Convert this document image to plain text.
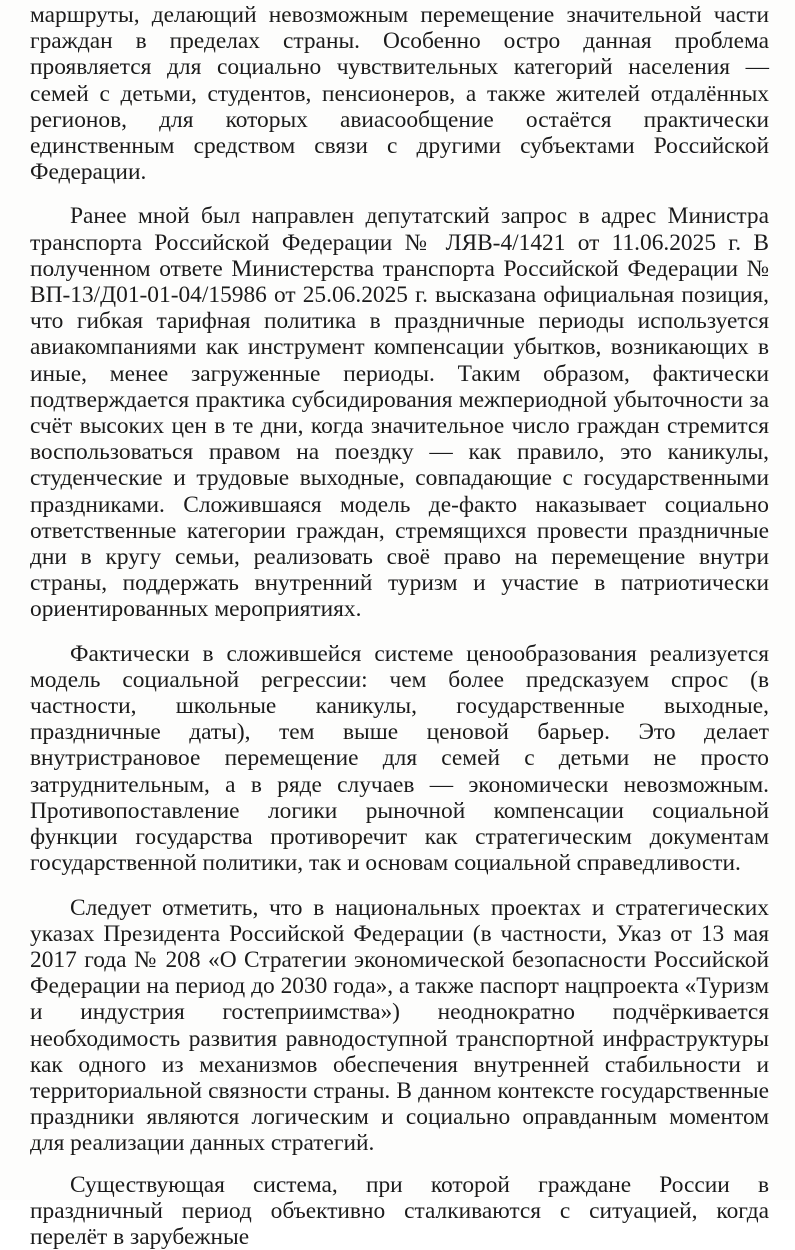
маршруты, делающий невозможным перемещение значительной части граждан в пределах страны. Особенно остро данная проблема проявляется для социально чувствительных категорий населения — семей с детьми, студентов, пенсионеров, а также жителей отдалённых регионов, для которых авиасообщение остаётся практически единственным средством связи с другими субъектами Российской Федерации.

Ранее мной был направлен депутатский запрос в адрес Министра транспорта Российской Федерации № ЛЯВ-4/1421 от 11.06.2025 г. В полученном ответе Министерства транспорта Российской Федерации № ВП-13/Д01-01-04/15986 от 25.06.2025 г. высказана официальная позиция, что гибкая тарифная политика в праздничные периоды используется авиакомпаниями как инструмент компенсации убытков, возникающих в иные, менее загруженные периоды. Таким образом, фактически подтверждается практика субсидирования межпериодной убыточности за счёт высоких цен в те дни, когда значительное число граждан стремится воспользоваться правом на поездку — как правило, это каникулы, студенческие и трудовые выходные, совпадающие с государственными праздниками. Сложившаяся модель де-факто наказывает социально ответственные категории граждан, стремящихся провести праздничные дни в кругу семьи, реализовать своё право на перемещение внутри страны, поддержать внутренний туризм и участие в патриотически ориентированных мероприятиях.

Фактически в сложившейся системе ценообразования реализуется модель социальной регрессии: чем более предсказуем спрос (в частности, школьные каникулы, государственные выходные, праздничные даты), тем выше ценовой барьер. Это делает внутристрановое перемещение для семей с детьми не просто затруднительным, а в ряде случаев — экономически невозможным. Противопоставление логики рыночной компенсации социальной функции государства противоречит как стратегическим документам государственной политики, так и основам социальной справедливости.

Следует отметить, что в национальных проектах и стратегических указах Президента Российской Федерации (в частности, Указ от 13 мая 2017 года № 208 «О Стратегии экономической безопасности Российской Федерации на период до 2030 года», а также паспорт нацпроекта «Туризм и индустрия гостеприимства») неоднократно подчёркивается необходимость развития равнодоступной транспортной инфраструктуры как одного из механизмов обеспечения внутренней стабильности и территориальной связности страны. В данном контексте государственные праздники являются логическим и социально оправданным моментом для реализации данных стратегий.

Существующая система, при которой граждане России в праздничный период объективно сталкиваются с ситуацией, когда перелёт в зарубежные
